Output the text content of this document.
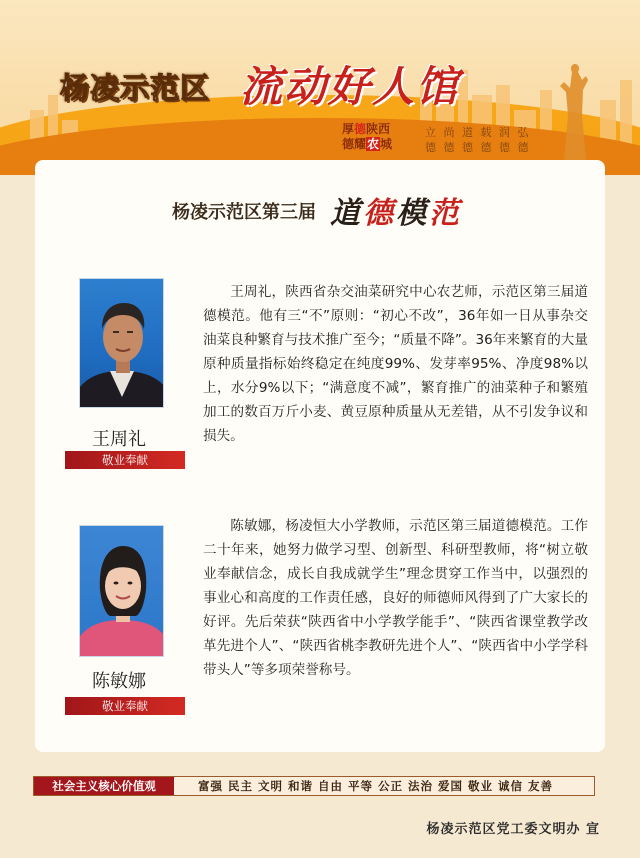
杨凌示范区 流动好人馆
厚德陕西
德耀农城
立 尚 道 载 润 弘
德 德 德 德 德 德
杨凌示范区第三届 道德模范
王周礼
敬业奉献
王周礼，陕西省杂交油菜研究中心农艺师，示范区第三届道德模范。他有三“不”原则：“初心不改”，36年如一日从事杂交油菜良种繁育与技术推广至今；“质量不降”。36年来繁育的大量原种质量指标始终稳定在纯度99%、发芽率95%、净度98%以上，水分9%以下；“满意度不减”，繁育推广的油菜种子和繁殖加工的数百万斤小麦、黄豆原种质量从无差错，从不引发争议和损失。
陈敏娜
敬业奉献
陈敏娜，杨凌恒大小学教师，示范区第三届道德模范。工作二十年来，她努力做学习型、创新型、科研型教师，将“树立敬业奉献信念，成长自我成就学生”理念贯穿工作当中，以强烈的事业心和高度的工作责任感，良好的师德师风得到了广大家长的好评。先后荣获“陕西省中小学教学能手”、“陕西省课堂教学改革先进个人”、“陕西省桃李教研先进个人”、“陕西省中小学学科带头人”等多项荣誉称号。
社会主义核心价值观	富强 民主 文明 和谐 自由 平等 公正 法治 爱国 敬业 诚信 友善
杨凌示范区党工委文明办 宣
